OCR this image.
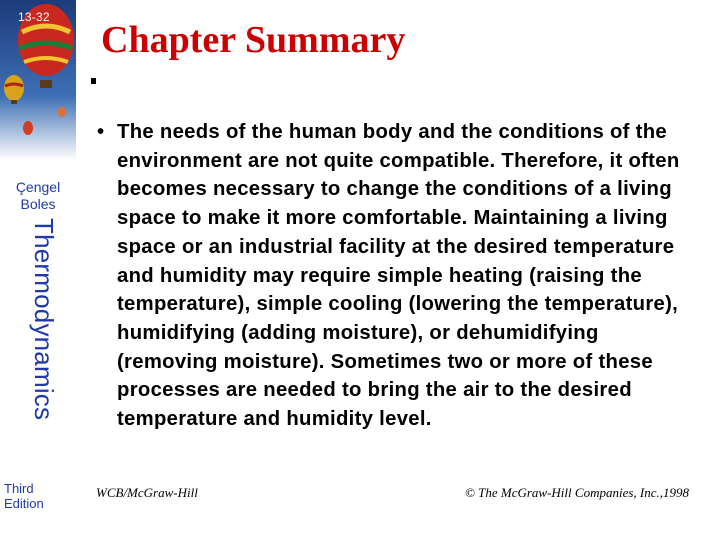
13-32
Çengel
Boles
Thermodynamics
Third Edition
Chapter Summary
• The needs of the human body and the conditions of the environment are not quite compatible. Therefore, it often becomes necessary to change the conditions of a living space to make it more comfortable. Maintaining a living space or an industrial facility at the desired temperature and humidity may require simple heating (raising the temperature), simple cooling (lowering the temperature), humidifying (adding moisture), or dehumidifying (removing moisture). Sometimes two or more of these processes are needed to bring the air to the desired temperature and humidity level.
WCB/McGraw-Hill	© The McGraw-Hill Companies, Inc.,1998
